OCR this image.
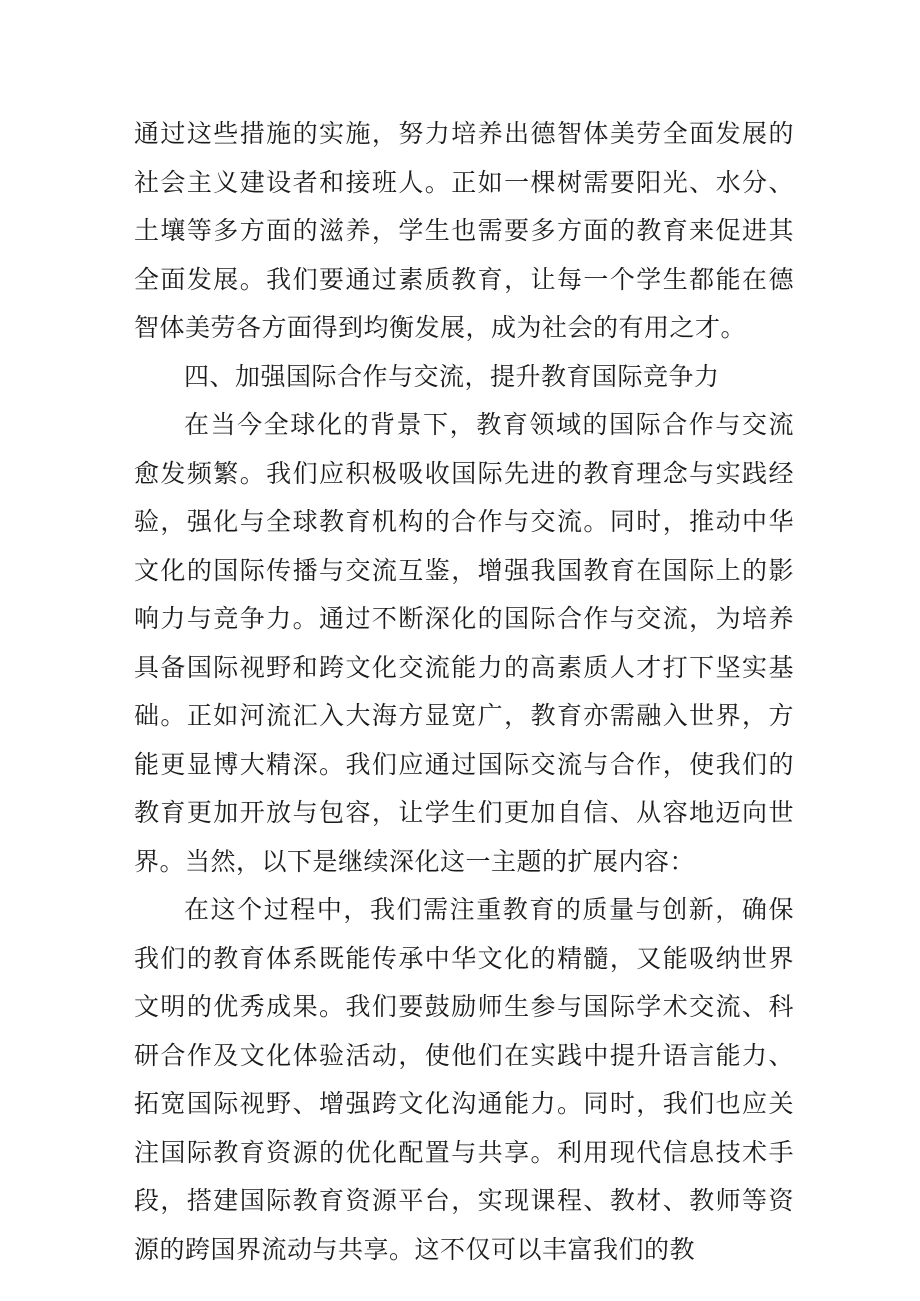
通过这些措施的实施，努力培养出德智体美劳全面发展的社会主义建设者和接班人。正如一棵树需要阳光、水分、土壤等多方面的滋养，学生也需要多方面的教育来促进其全面发展。我们要通过素质教育，让每一个学生都能在德智体美劳各方面得到均衡发展，成为社会的有用之才。

四、加强国际合作与交流，提升教育国际竞争力

在当今全球化的背景下，教育领域的国际合作与交流愈发频繁。我们应积极吸收国际先进的教育理念与实践经验，强化与全球教育机构的合作与交流。同时，推动中华文化的国际传播与交流互鉴，增强我国教育在国际上的影响力与竞争力。通过不断深化的国际合作与交流，为培养具备国际视野和跨文化交流能力的高素质人才打下坚实基础。正如河流汇入大海方显宽广，教育亦需融入世界，方能更显博大精深。我们应通过国际交流与合作，使我们的教育更加开放与包容，让学生们更加自信、从容地迈向世界。当然，以下是继续深化这一主题的扩展内容：

在这个过程中，我们需注重教育的质量与创新，确保我们的教育体系既能传承中华文化的精髓，又能吸纳世界文明的优秀成果。我们要鼓励师生参与国际学术交流、科研合作及文化体验活动，使他们在实践中提升语言能力、拓宽国际视野、增强跨文化沟通能力。同时，我们也应关注国际教育资源的优化配置与共享。利用现代信息技术手段，搭建国际教育资源平台，实现课程、教材、教师等资源的跨国界流动与共享。这不仅可以丰富我们的教
